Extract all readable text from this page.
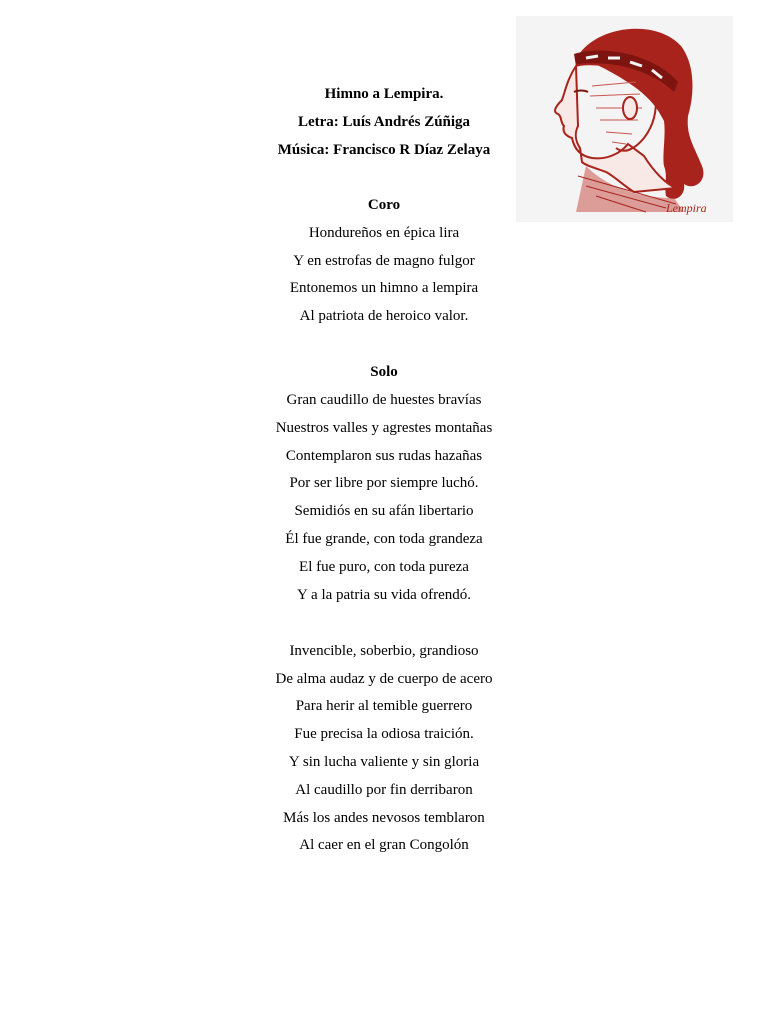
Lempira
Himno a Lempira.
Letra: Luís Andrés Zúñiga
Música: Francisco R Díaz Zelaya
Coro
Hondureños en épica lira
Y en estrofas de magno fulgor
Entonemos un himno a lempira
Al patriota de heroico valor.
Solo
Gran caudillo de huestes bravías
Nuestros valles y agrestes montañas
Contemplaron sus rudas hazañas
Por ser libre por siempre luchó.
Semidiós en su afán libertario
Él fue grande, con toda grandeza
El fue puro, con toda pureza
Y a la patria su vida ofrendó.
Invencible, soberbio, grandioso
De alma audaz y de cuerpo de acero
Para herir al temible guerrero
Fue precisa la odiosa traición.
Y sin lucha valiente y sin gloria
Al caudillo por fin derribaron
Más los andes nevosos temblaron
Al caer en el gran Congolón
